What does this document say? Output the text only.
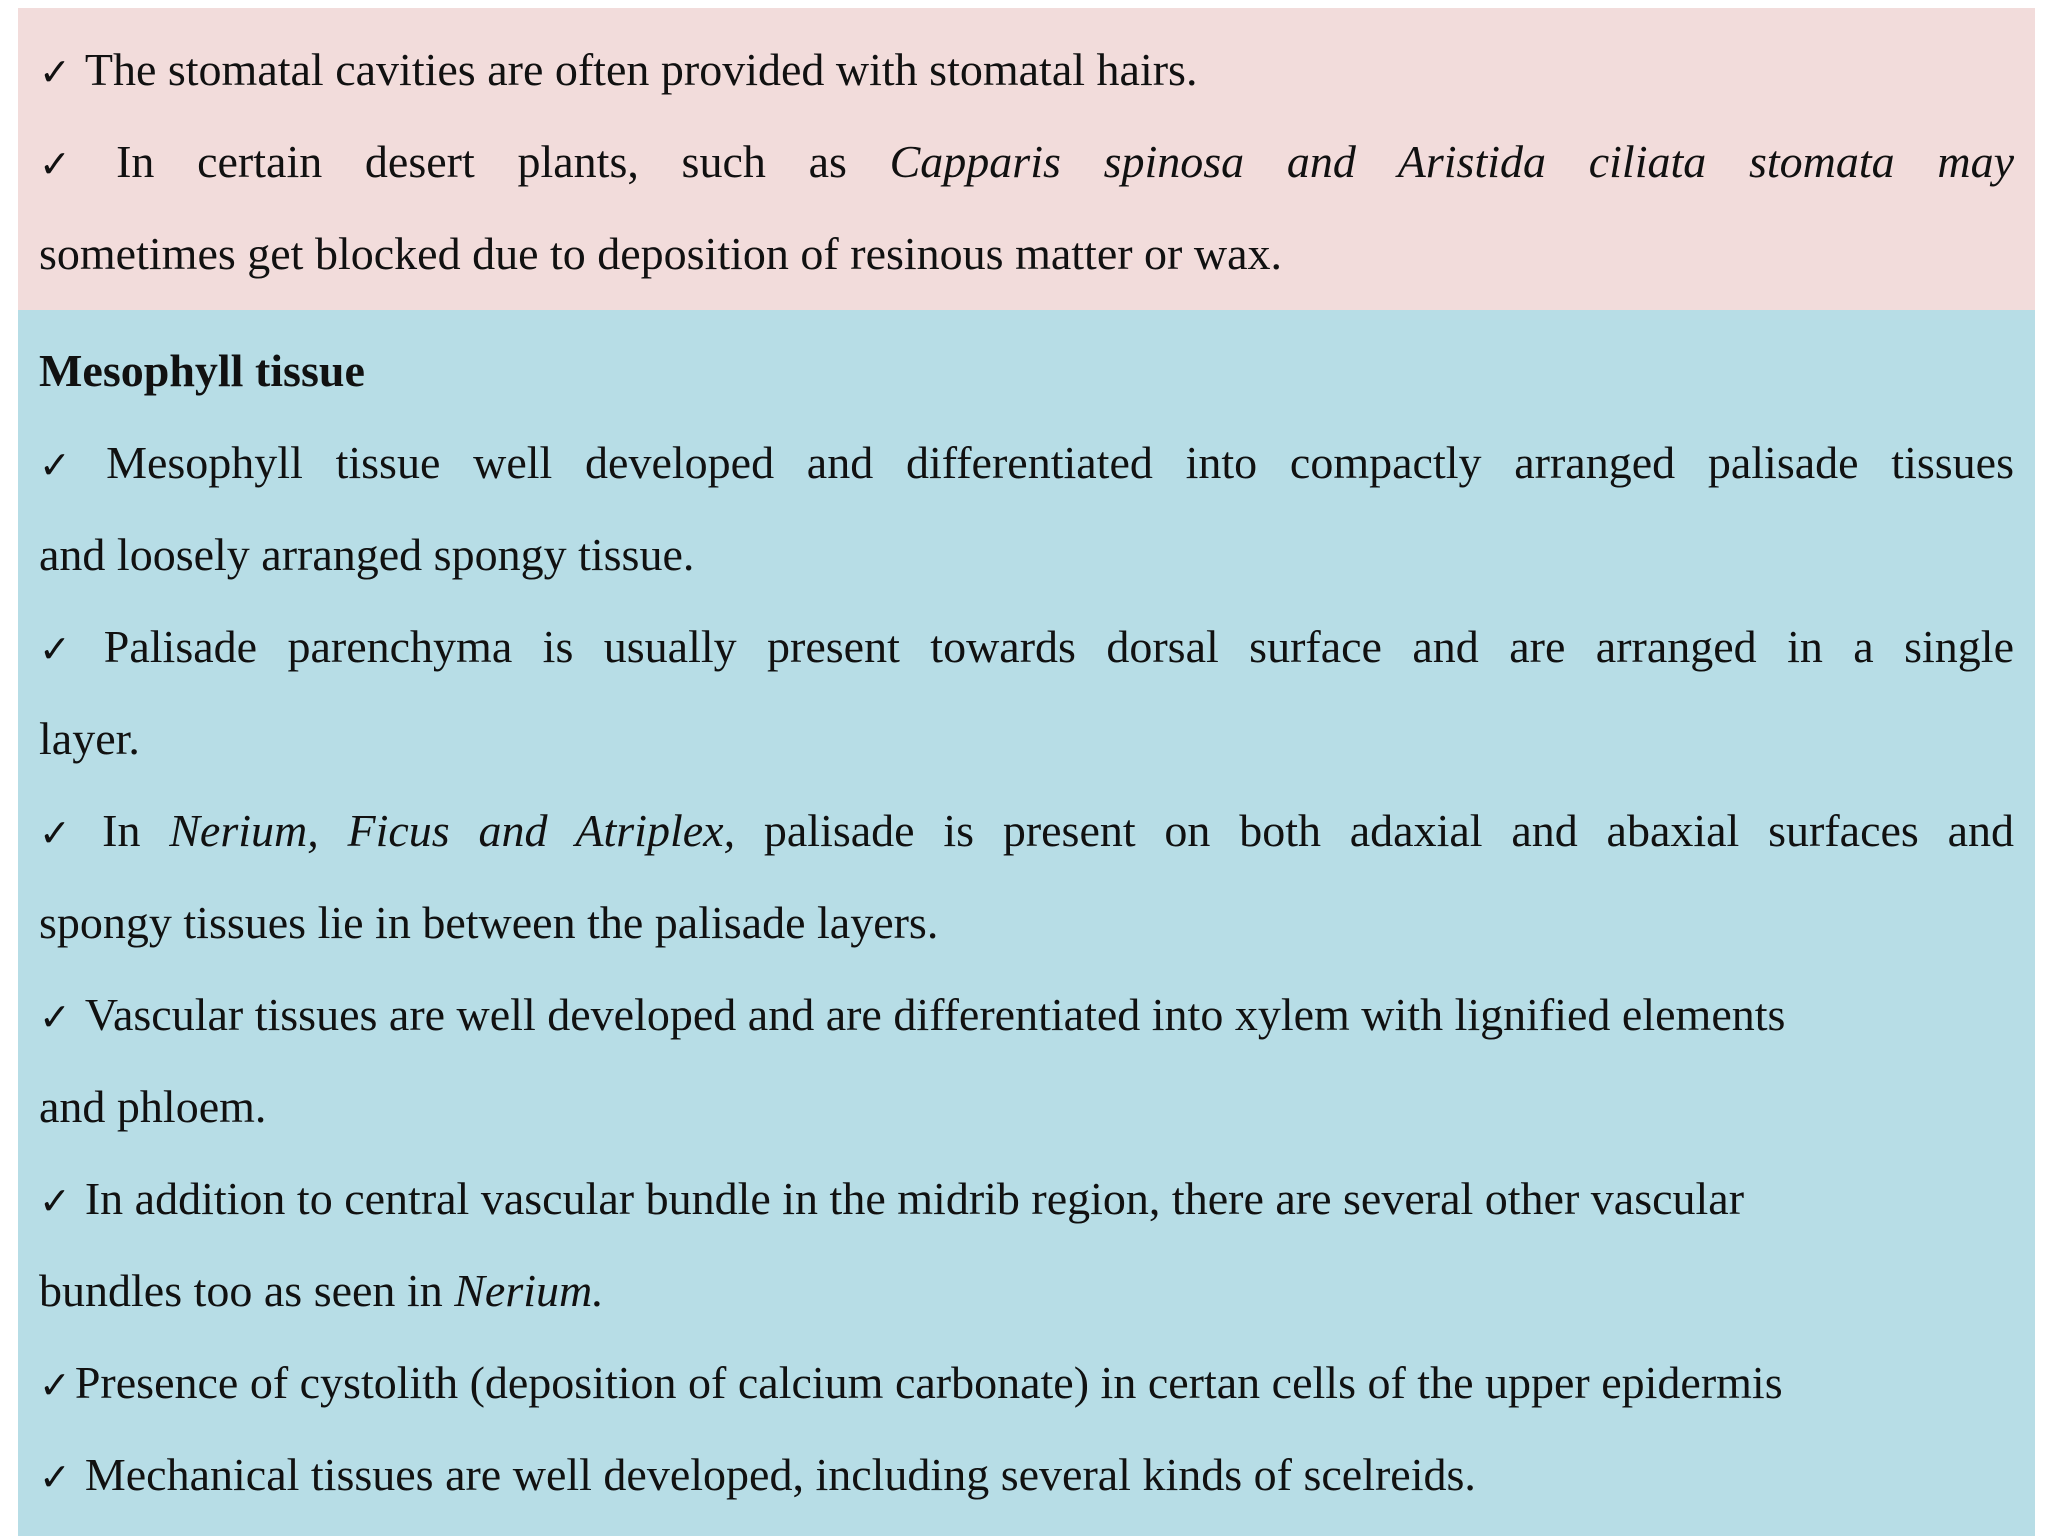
✓ The stomatal cavities are often provided with stomatal hairs.
✓ In certain desert plants, such as Capparis spinosa and Aristida ciliata stomata may
sometimes get blocked due to deposition of resinous matter or wax.
Mesophyll tissue
✓ Mesophyll tissue well developed and differentiated into compactly arranged palisade tissues
and loosely arranged spongy tissue.
✓ Palisade parenchyma is usually present towards dorsal surface and are arranged in a single
layer.
✓ In Nerium, Ficus and Atriplex, palisade is present on both adaxial and abaxial surfaces and
spongy tissues lie in between the palisade layers.
✓ Vascular tissues are well developed and are differentiated into xylem with lignified elements
and phloem.
✓ In addition to central vascular bundle in the midrib region, there are several other vascular
bundles too as seen in Nerium.
✓Presence of cystolith (deposition of calcium carbonate) in certan cells of the upper epidermis
✓ Mechanical tissues are well developed, including several kinds of scelreids.
